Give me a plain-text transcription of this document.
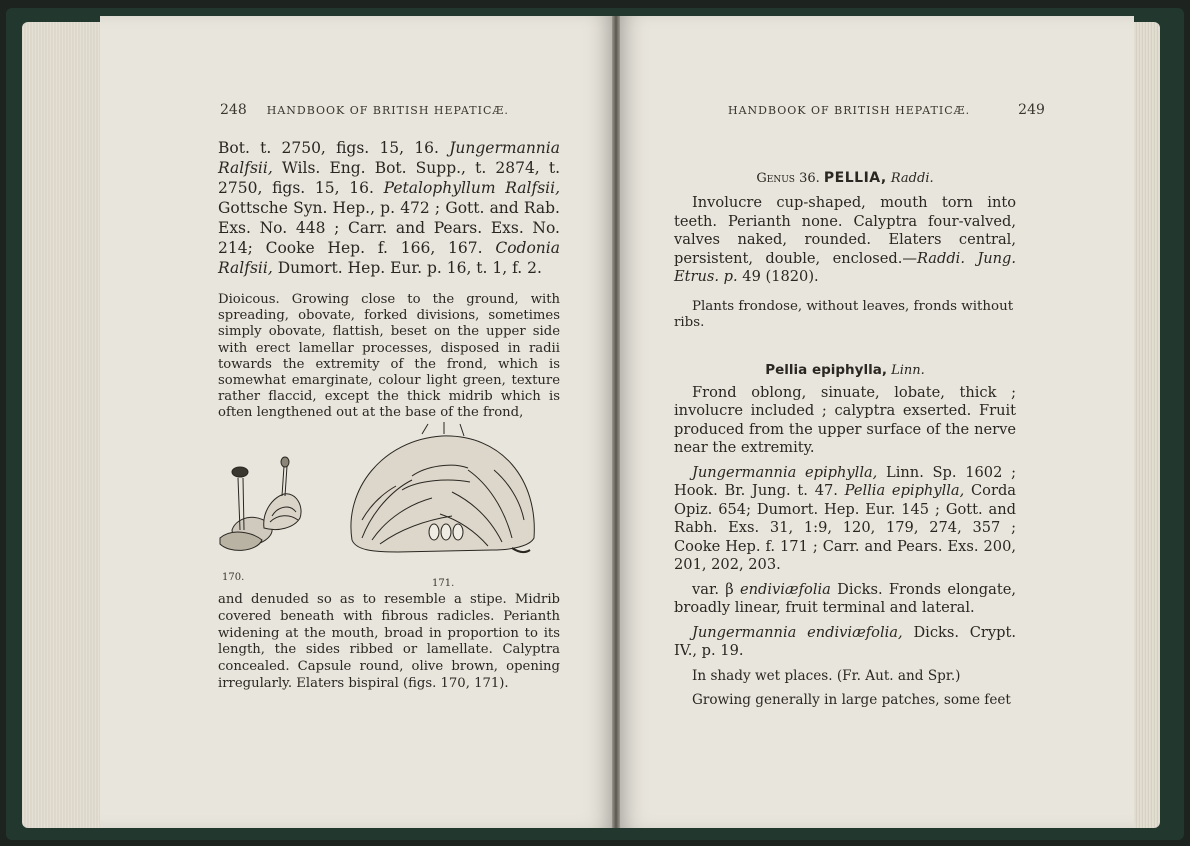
248 HANDBOOK OF BRITISH HEPATICÆ.

Bot. t. 2750, figs. 15, 16. Jungermannia Ralfsii, Wils. Eng. Bot. Supp., t. 2874, t. 2750, figs. 15, 16. Petalophyllum Ralfsii, Gottsche Syn. Hep., p. 472 ; Gott. and Rab. Exs. No. 448 ; Carr. and Pears. Exs. No. 214; Cooke Hep. f. 166, 167. Codonia Ralfsii, Dumort. Hep. Eur. p. 16, t. 1, f. 2.

Dioicous. Growing close to the ground, with spreading, obovate, forked divisions, sometimes simply obovate, flattish, beset on the upper side with erect lamellar processes, disposed in radii towards the extremity of the frond, which is somewhat emarginate, colour light green, texture rather flaccid, except the thick midrib which is often lengthened out at the base of the frond,

170.
171.

and denuded so as to resemble a stipe. Midrib covered beneath with fibrous radicles. Perianth widening at the mouth, broad in proportion to its length, the sides ribbed or lamellate. Calyptra concealed. Capsule round, olive brown, opening irregularly. Elaters bispiral (figs. 170, 171).

HANDBOOK OF BRITISH HEPATICÆ.	249
Genus 36. PELLIA, Raddi.

Involucre cup-shaped, mouth torn into teeth. Perianth none. Calyptra four-valved, valves naked, rounded. Elaters central, persistent, double, enclosed.—Raddi. Jung. Etrus. p. 49 (1820).

Plants frondose, without leaves, fronds without ribs.

Pellia epiphylla, Linn.

Frond oblong, sinuate, lobate, thick ; involucre included ; calyptra exserted. Fruit produced from the upper surface of the nerve near the extremity.

Jungermannia epiphylla, Linn. Sp. 1602 ; Hook. Br. Jung. t. 47. Pellia epiphylla, Corda Opiz. 654; Dumort. Hep. Eur. 145 ; Gott. and Rabh. Exs. 31, 1:9, 120, 179, 274, 357 ; Cooke Hep. f. 171 ; Carr. and Pears. Exs. 200, 201, 202, 203.

var. β endiviæfolia Dicks. Fronds elongate, broadly linear, fruit terminal and lateral.

Jungermannia endiviæfolia, Dicks. Crypt. IV., p. 19.

In shady wet places. (Fr. Aut. and Spr.)

Growing generally in large patches, some feet
